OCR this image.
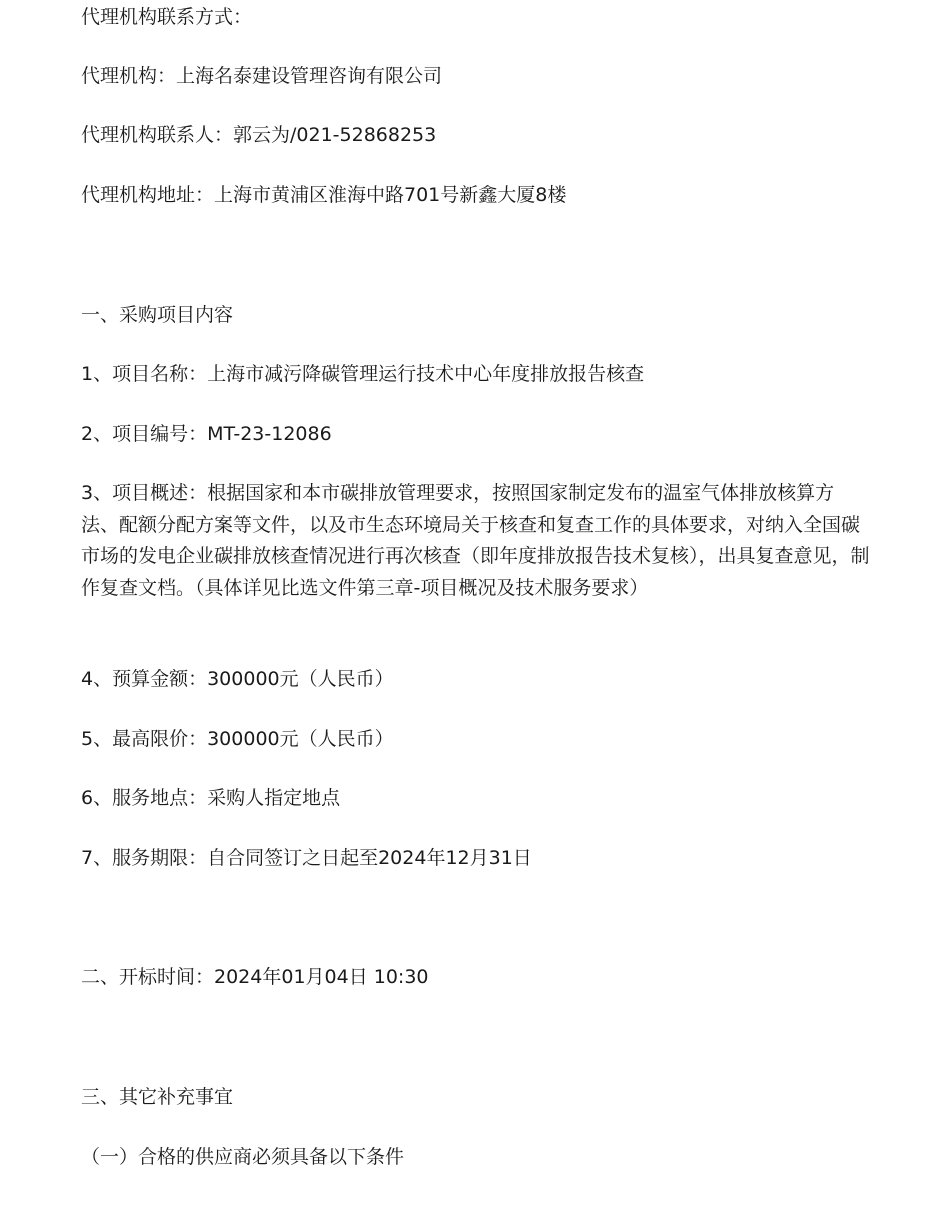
代理机构联系方式：
代理机构：上海名泰建设管理咨询有限公司
代理机构联系人：郭云为/021-52868253
代理机构地址：上海市黄浦区淮海中路701号新鑫大厦8楼
一、采购项目内容
1、项目名称：上海市减污降碳管理运行技术中心年度排放报告核查
2、项目编号：MT-23-12086
3、项目概述：根据国家和本市碳排放管理要求，按照国家制定发布的温室气体排放核算方法、配额分配方案等文件，以及市生态环境局关于核查和复查工作的具体要求，对纳入全国碳市场的发电企业碳排放核查情况进行再次核查（即年度排放报告技术复核），出具复查意见，制作复查文档。（具体详见比选文件第三章-项目概况及技术服务要求）
4、预算金额：300000元（人民币）
5、最高限价：300000元（人民币）
6、服务地点：采购人指定地点
7、服务期限：自合同签订之日起至2024年12月31日
二、开标时间：2024年01月04日 10:30
三、其它补充事宜
（一）合格的供应商必须具备以下条件
